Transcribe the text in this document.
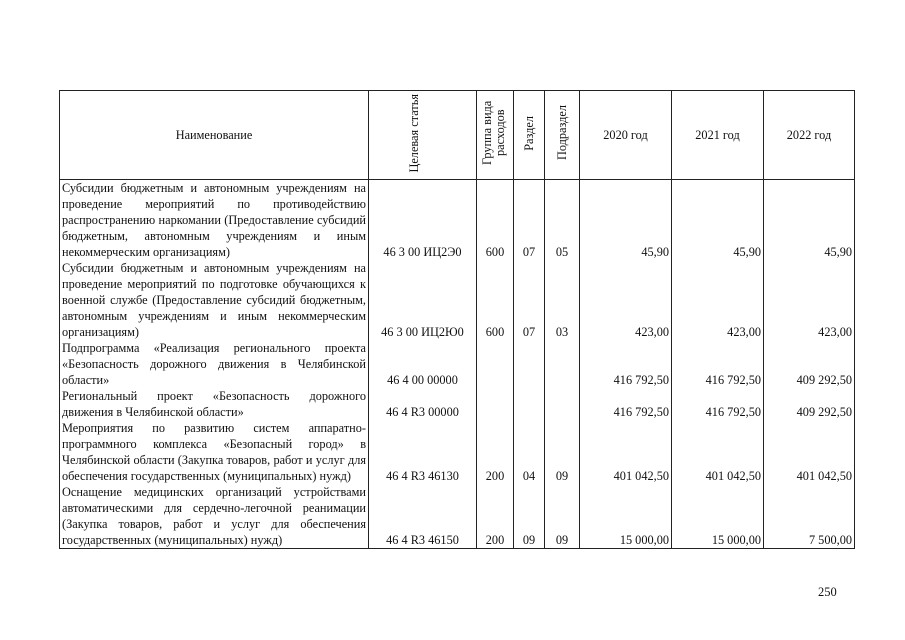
Наименование	Целевая статья	Группа вида расходов	Раздел	Подраздел	2020 год	2021 год	2022 год
Субсидии бюджетным и автономным учреждениям на проведение мероприятий по противодействию распространению наркомании (Предоставление субсидий бюджетным, автономным учреждениям и иным некоммерческим организациям)	46 3 00 ИЦ2Э0	600	07	05	45,90	45,90	45,90
Субсидии бюджетным и автономным учреждениям на проведение мероприятий по подготовке обучающихся к военной службе (Предоставление субсидий бюджетным, автономным учреждениям и иным некоммерческим организациям)	46 3 00 ИЦ2Ю0	600	07	03	423,00	423,00	423,00
Подпрограмма «Реализация регионального проекта «Безопасность дорожного движения в Челябинской области»	46 4 00 00000				416 792,50	416 792,50	409 292,50
Региональный проект «Безопасность дорожного движения в Челябинской области»	46 4 R3 00000				416 792,50	416 792,50	409 292,50
Мероприятия по развитию систем аппаратно-программного комплекса «Безопасный город» в Челябинской области (Закупка товаров, работ и услуг для обеспечения государственных (муниципальных) нужд)	46 4 R3 46130	200	04	09	401 042,50	401 042,50	401 042,50
Оснащение медицинских организаций устройствами автоматическими для сердечно-легочной реанимации (Закупка товаров, работ и услуг для обеспечения государственных (муниципальных) нужд)	46 4 R3 46150	200	09	09	15 000,00	15 000,00	7 500,00
250
